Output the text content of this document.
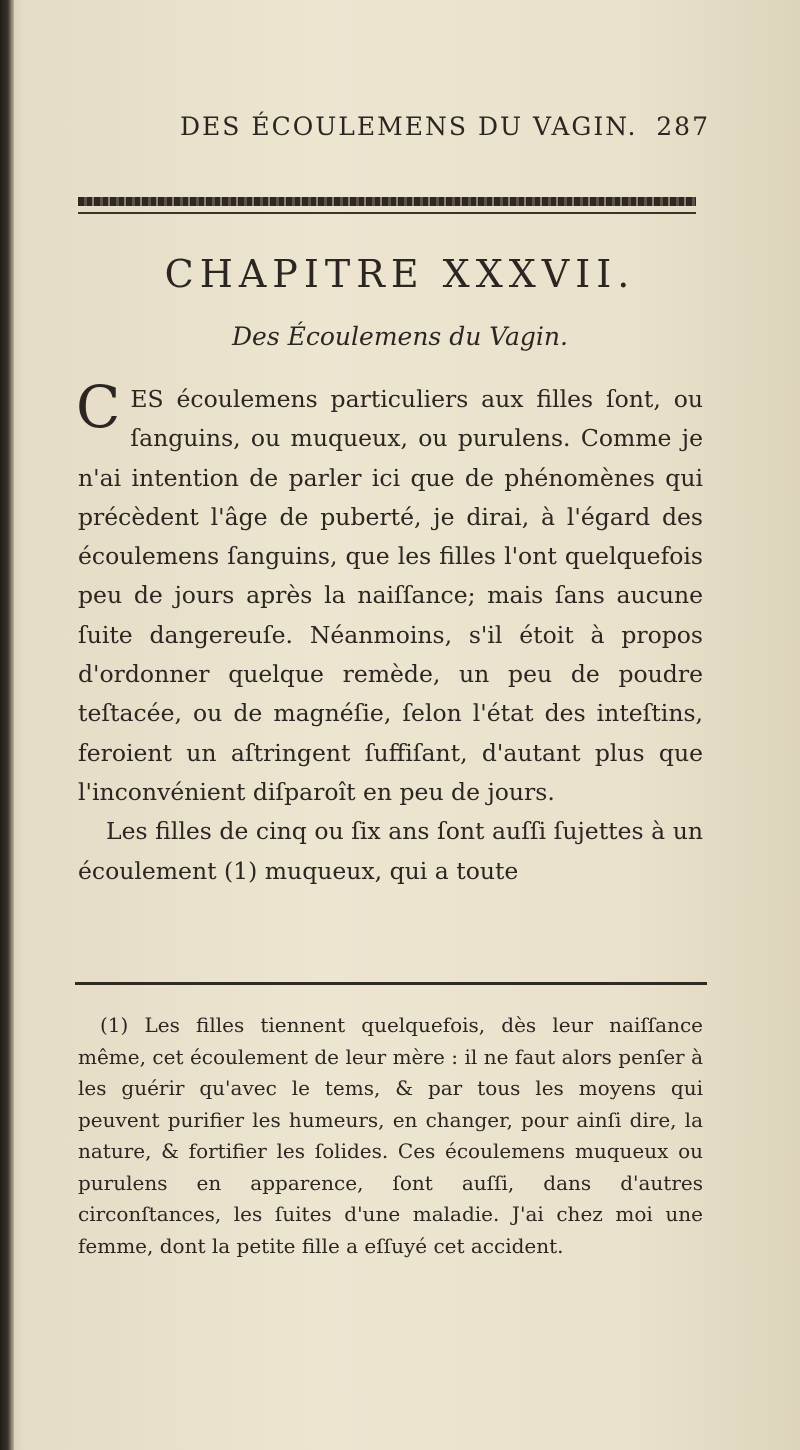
DES ÉCOULEMENS DU VAGIN. 287
CHAPITRE XXXVII.
Des Écoulemens du Vagin.

CES écoulemens particuliers aux filles ſont, ou ſanguins, ou muqueux, ou purulens. Comme je n'ai intention de parler ici que de phénomènes qui précèdent l'âge de puberté, je dirai, à l'égard des écoulemens ſanguins, que les filles l'ont quelquefois peu de jours après la naiſſance; mais ſans aucune ſuite dangereuſe. Néanmoins, s'il étoit à propos d'ordonner quelque remède, un peu de poudre teſtacée, ou de magnéſie, ſelon l'état des inteſtins, feroient un aſtringent ſuffiſant, d'autant plus que l'inconvénient diſparoît en peu de jours.

Les filles de cinq ou ſix ans ſont auſſi ſujettes à un écoulement (1) muqueux, qui a toute

(1) Les filles tiennent quelquefois, dès leur naiſſance même, cet écoulement de leur mère : il ne faut alors penſer à les guérir qu'avec le tems, & par tous les moyens qui peuvent purifier les humeurs, en changer, pour ainſi dire, la nature, & fortifier les ſolides. Ces écoulemens muqueux ou purulens en apparence, ſont auſſi, dans d'autres circonſtances, les ſuites d'une maladie. J'ai chez moi une femme, dont la petite fille a eſſuyé cet accident.
